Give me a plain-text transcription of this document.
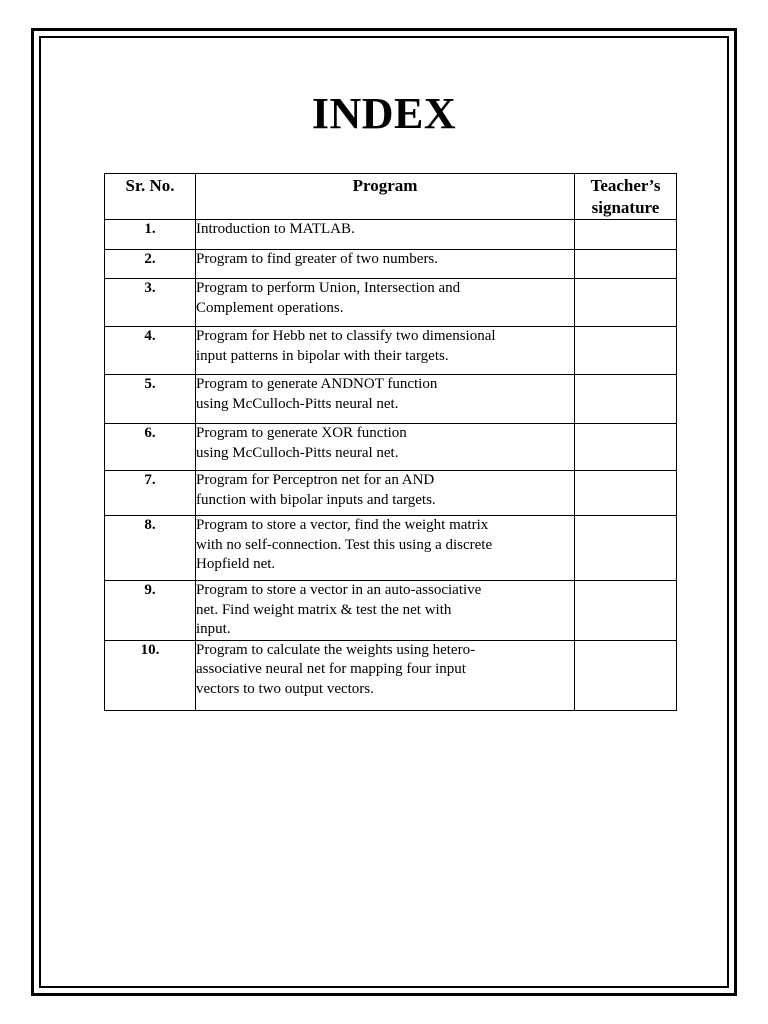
INDEX
Sr. No.	Program	Teacher’s
signature

1.	Introduction to MATLAB.	

2.	Program to find greater of two numbers.	

3.	Program to perform Union, Intersection and
Complement operations.	

4.	Program for Hebb net to classify two dimensional
input patterns in bipolar with their targets.	

5.	Program to generate ANDNOT function
using McCulloch-Pitts neural net.	

6.	Program to generate XOR function
using McCulloch-Pitts neural net.	

7.	Program for Perceptron net for an AND
function with bipolar inputs and targets.	

8.	Program to store a vector, find the weight matrix
with no self-connection. Test this using a discrete
Hopfield net.	

9.	Program to store a vector in an auto-associative
net. Find weight matrix & test the net with
input.	

10.	Program to calculate the weights using hetero-
associative neural net for mapping four input
vectors to two output vectors.	
